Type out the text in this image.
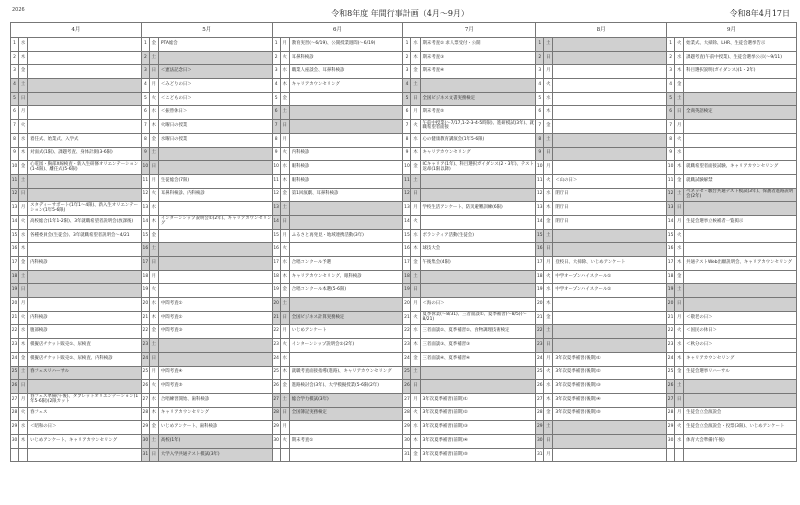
2026	令和8年度 年間行事計画（4月～9月）	令和8年4月17日
4月			5月			6月			7月			8月			9月		
1	水		1	金	PTA総会	1	月	教育実習(～6/19)、公開授業週間(～6/19)	1	水	期末考査② 求人票受付・公開	1	土		1	火	始業式、大掃除、LHR、生徒会選挙告示
2	木		2	土		2	火	耳鼻科検診	2	木	期末考査③	2	日		2	水	課題考査(午前中授業)、生徒会選挙公示(～9/11)
3	金		3	日	＜憲法記念日＞	3	水	職業人座談会、耳鼻科検診	3	金	期末考査④	3	月		3	木	科目選択説明(ガイダンス)(1・2年)
4	土		4	月	＜みどりの日＞	4	木	キャリアカウンセリング	4	土		4	火		4	金	
5	日		5	火	＜こどもの日＞	5	金		5	日	全国ビジネス文書実務検定	5	水		5	土	
6	月		6	水	＜振替休日＞	6	土		6	月	期末考査⑤	6	木		6	日	全商英語検定
7	火		7	木	火曜日の授業	7	日		7	火	午前中授業(～7/17,1-2-3-4-5時限)、進研模試(3年)、就職希望者面接	7	金		7	月	
8	水	着任式、始業式、入学式	8	金	水曜日の授業	8	月		8	水	心の健康教育講演会(1年5-6限)	8	土		8	火	
9	木	対面式(1限)、課題考査、身体計測(3-6限)	9	土		9	火	内科検診	9	木	キャリアカウンセリング	9	日		9	水	
10	金	心電図・胸部X線検査・新入生研修オリエンテーション(1-4限)、離任式(5-6限)	10	日		10	水	眼科検診	10	金	ICキャリア(1年)、科目選択ガイダンス(2・3年)、テスト返却(1限以降)	10	月		10	木	就職希望者面接試験、キャリアカウンセリング
11	土		11	月	生徒総会(7限)	11	木	眼科検診	11	土		11	火	＜山の日＞	11	金	就職試験解禁
12	日		12	火	耳鼻科検診、内科検診	12	金	第1回演劇、耳鼻科検診	12	日		12	水	閉庁日	12	土	ベネッセ・駿台共通テスト模試(3年)、保護者進路説明会(2年)
13	月	スタディーサポート(1年1～4限)、新入生オリエンテーション(1年5-6限)	13	水		13	土		13	月	学校生活アンケート、防災避難訓練(6限)	13	木	閉庁日	13	日	
14	火	高校総合(1年1-2限)、3年就職希望者説明会(放課後)	14	木	インターンシップ説明会①(2年)、キャリアカウンセリング	14	日		14	火		14	金	閉庁日	14	月	生徒会選挙立候補者一覧掲示
15	水	各種委員会(生徒会)、3年就職希望者説明会～4/21	15	金		15	月	ふるさと再発見・地域連携活動(3年)	15	水	ボランティア活動(生徒会)	15	土		15	火	
16	木		16	土		16	火		16	木	球技大会	16	日		16	水	
17	金	内科検診	17	日		17	水	合唱コンクール予選	17	金	午後集会(4限)	17	月	登校日、大掃除、いじめアンケート	17	木	共通テストWeb出願説明会、キャリアカウンセリング
18	土		18	月		18	木	キャリアカウンセリング、眼科検診	18	土		18	火	中学オープンハイスクール①	18	金	
19	日		19	火		19	金	合唱コンクール本選(5-6限)	19	日		19	水	中学オープンハイスクール②	19	土	
20	月		20	水	中間考査①	20	土		20	月	＜海の日＞	20	木		20	日	
21	火	内科検診	21	木	中間考査②	21	日	全国ビジネス計算実務検定	21	火	夏季休業(～8/31)、三者面談①、夏季補習(～8/5)(～8/21)	21	金		21	月	＜敬老の日＞
22	水	腹部検診	22	金	中間考査③	22	月	いじめアンケート	22	水	三者面談②、夏季補習②、食物調理技術検定	22	土		22	火	＜国民の休日＞
23	木	模擬店チケット販売①、尿検査	23	土		23	火	インターンシップ説明会②(2年)	23	木	三者面談③、夏季補習③	23	日		23	水	＜秋分の日＞
24	金	模擬店チケット販売②、尿検査、内科検診	24	日		24	水		24	金	三者面談④、夏季補習④	24	月	3年次夏季補習(後期)①	24	木	キャリアカウンセリング
25	土	春フェスリハーサル	25	月	中間考査④	25	木	就職考査面接指導(進路)、キャリアカウンセリング	25	土		25	火	3年次夏季補習(後期)②	25	金	生徒会選挙リハーサル
26	日		26	火	中間考査⑤	26	金	進路検討会(3年)、大学模擬授業(5-6限(2年)	26	日		26	水	3年次夏季補習(後期)③	26	土	
27	月	春フェス準備(午後)、タブレットオリエンテーション(1年5-6限)(2限カット	27	水	合唱練習開始、歯科検診	27	土	総合学力模試(3年)	27	月	3年次夏季補習(前期)①	27	木	3年次夏季補習(後期)④	27	日	
28	火	春フェス	28	木	キャリアカウンセリング	28	日	全国簿記実務検定	28	火	3年次夏季補習(前期)②	28	金	3年次夏季補習(後期)⑤	28	月	生徒会立会演説会
29	水	＜昭和の日＞	29	金	いじめアンケート、歯科検診	29	月		29	水	3年次夏季補習(前期)③	29	土		29	火	生徒会立会演説会・投票(3限)、いじめアンケート
30	木	いじめアンケート、キャリアカウンセリング	30	土	高校(1年)	30	火	期末考査①	30	木	3年次夏季補習(前期)④	30	日		30	水	体育大会準備(午後)
			31	日	大学入学共通テスト模試(3年)				31	金	3年次夏季補習(前期)⑤	31	月				
